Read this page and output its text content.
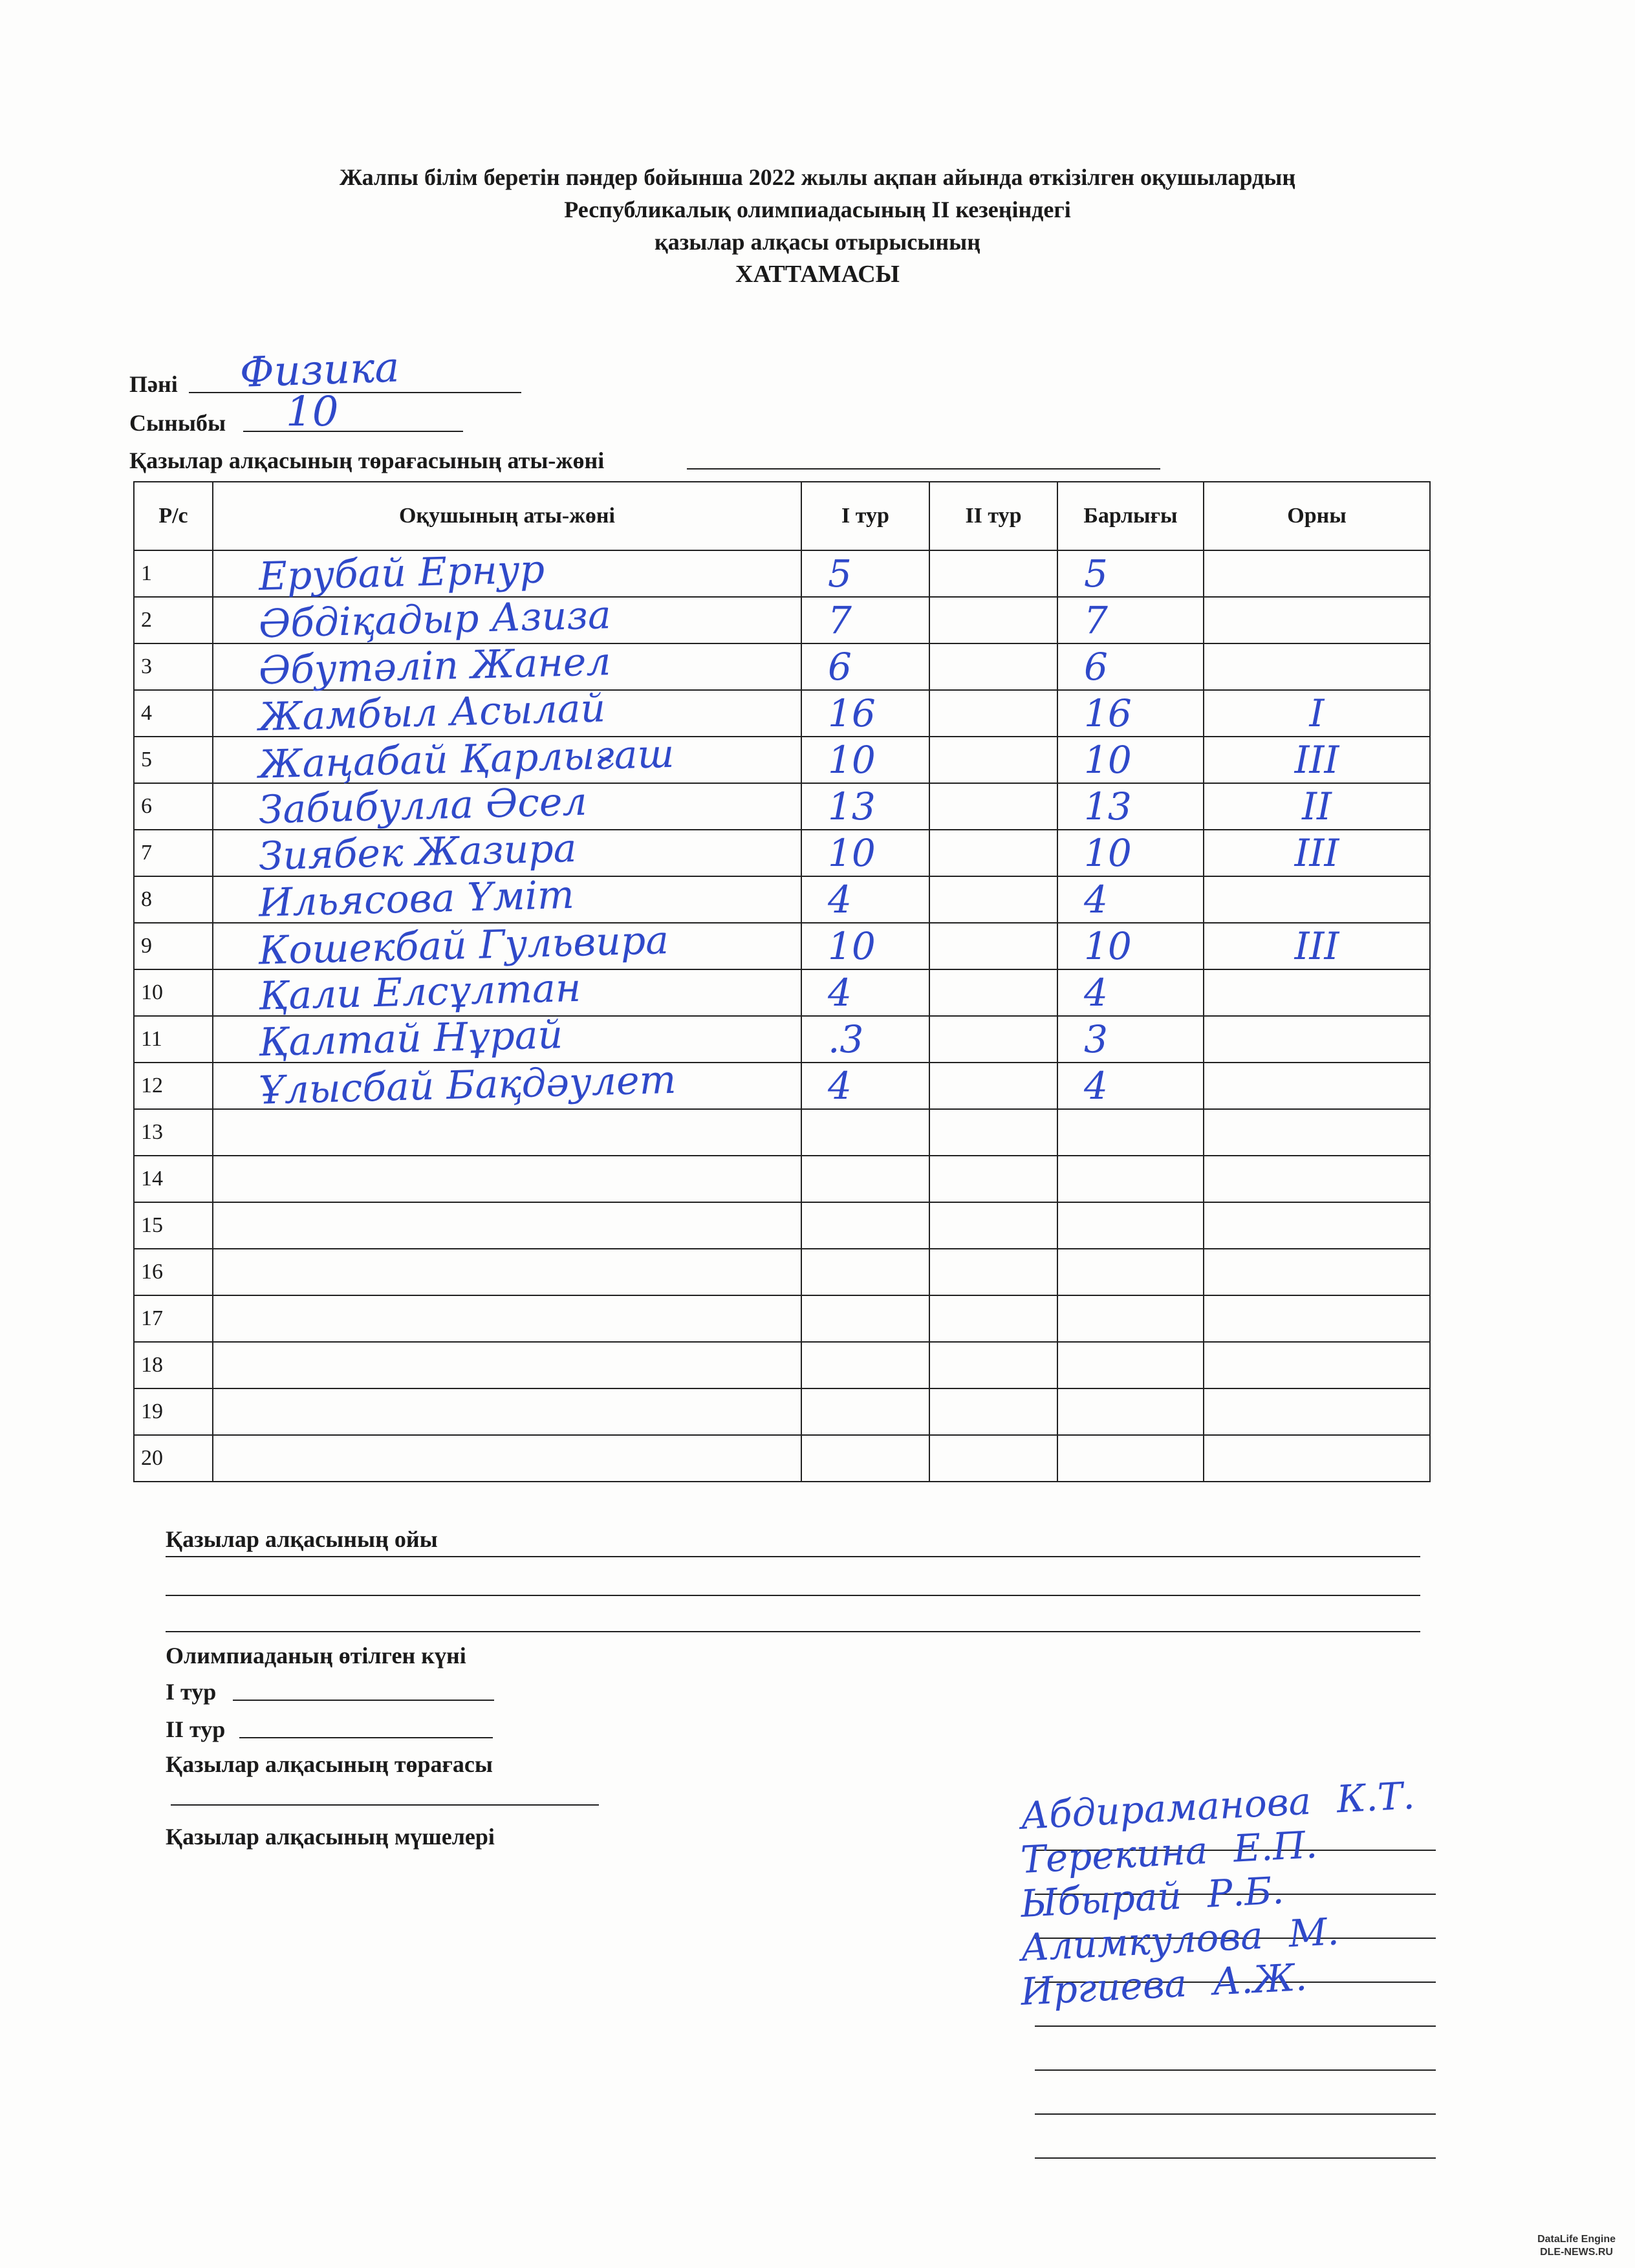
Жалпы білім беретін пәндер бойынша 2022 жылы ақпан айында өткізілген оқушылардың
Республикалық олимпиадасының II кезеңіндегі
қазылар алқасы отырысының
ХАТТАМАСЫ
Пәні Физика
Сыныбы 10
Қазылар алқасының төрағасының аты-жөні
Р/с	Оқушының аты-жөні	І тур	ІІ тур	Барлығы	Орны
1	Ерубай Ернур	5		5	
2	Әбдіқадыр Азиза	7		7	
3	Әбутәліп Жанел	6		6	
4	Жамбыл Асылай	16		16	I
5	Жаңабай Қарлығаш	10		10	III
6	Забибулла Әсел	13		13	II
7	Зиябек Жазира	10		10	III
8	Ильясова Үміт	4		4	
9	Кошекбай Гульвира	10		10	III
10	Қали Елсұлтан	4		4	
11	Қалтай Нұрай	.3		3	
12	Ұлысбай Бақдәулет	4		4	
13					
14					
15					
16					
17					
18					
19					
20					
Қазылар алқасының ойы
Олимпиаданың өтілген күні
І тур
ІІ тур
Қазылар алқасының төрағасы
Қазылар алқасының мүшелері	Абдираманова К.Т.
Терекина Е.П.
Ыбырай Р.Б.
Алимкулова М.
Иргиева А.Ж.
DataLife Engine
DLE-NEWS.RU
